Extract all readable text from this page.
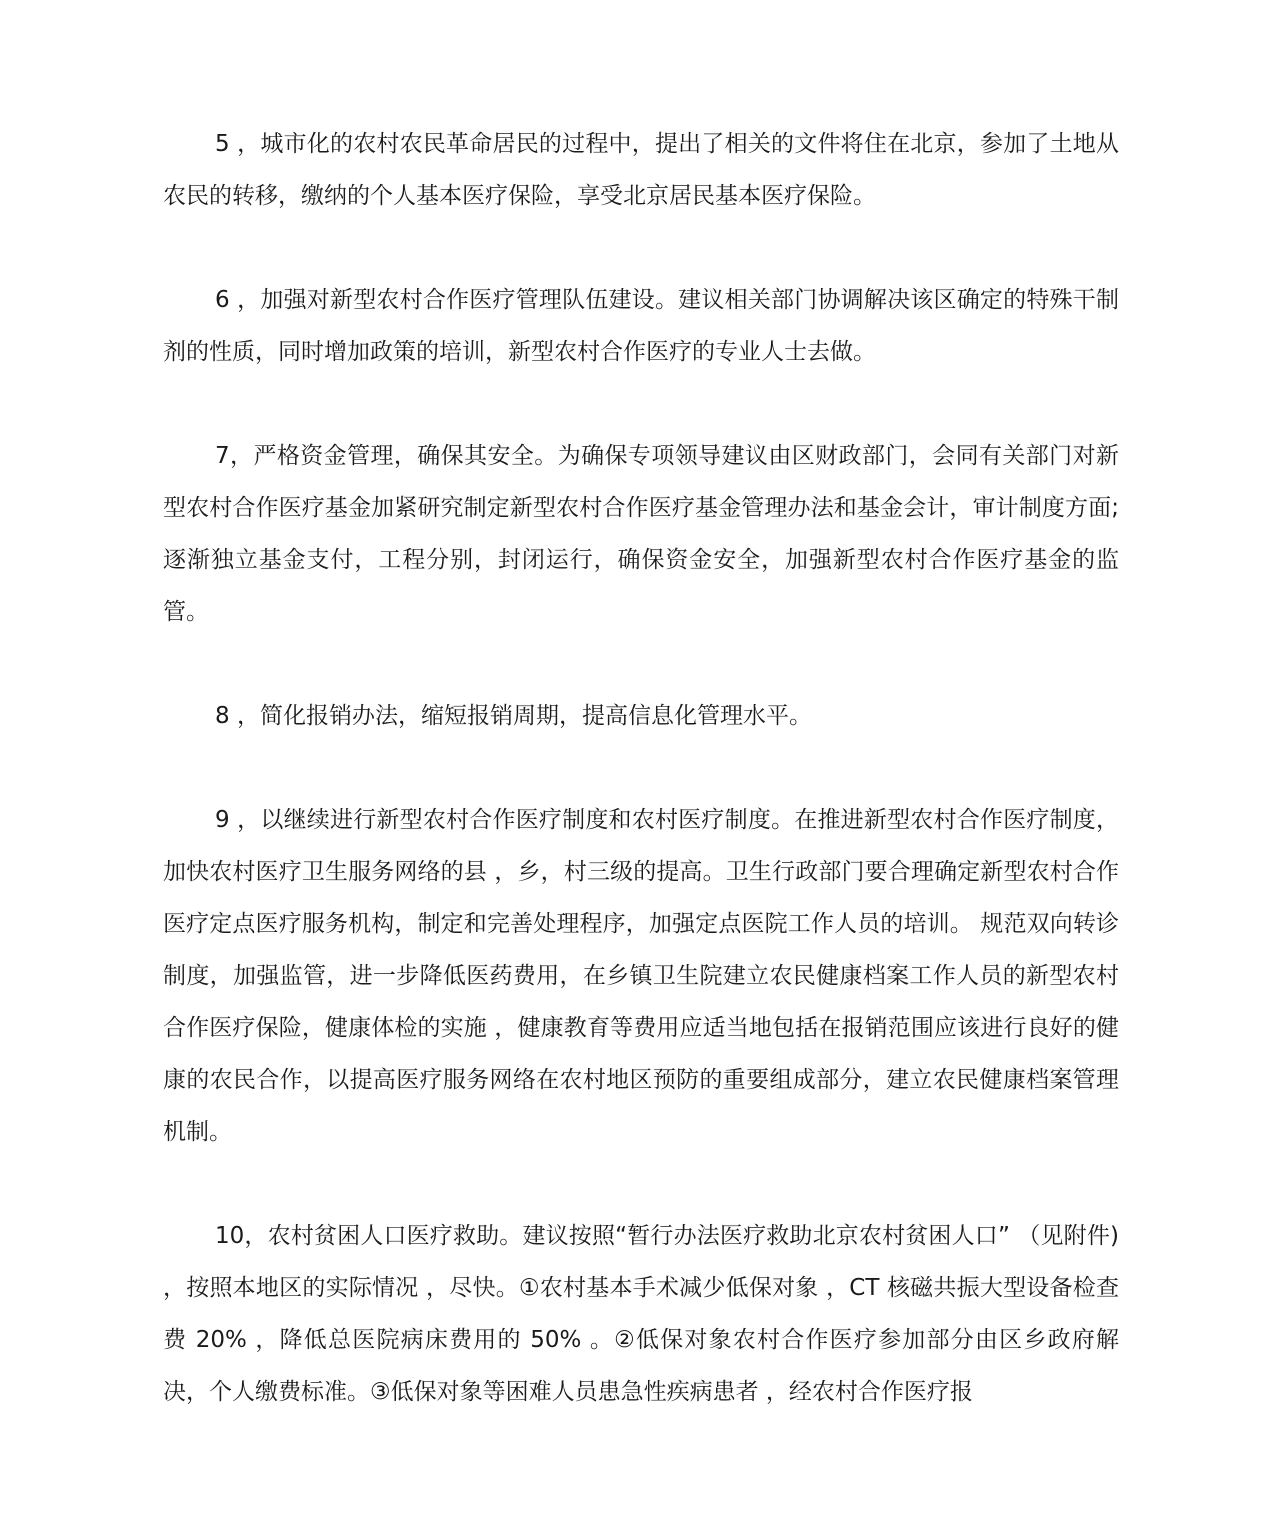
5 ，城市化的农村农民革命居民的过程中，提出了相关的文件将住在北京，参加了土地从农民的转移，缴纳的个人基本医疗保险，享受北京居民基本医疗保险。

6 ，加强对新型农村合作医疗管理队伍建设。建议相关部门协调解决该区确定的特殊干制剂的性质，同时增加政策的培训，新型农村合作医疗的专业人士去做。

7，严格资金管理，确保其安全。为确保专项领导建议由区财政部门，会同有关部门对新型农村合作医疗基金加紧研究制定新型农村合作医疗基金管理办法和基金会计，审计制度方面;逐渐独立基金支付，工程分别，封闭运行，确保资金安全，加强新型农村合作医疗基金的监管。

8 ，简化报销办法，缩短报销周期，提高信息化管理水平。

9 ，以继续进行新型农村合作医疗制度和农村医疗制度。在推进新型农村合作医疗制度，加快农村医疗卫生服务网络的县 ，乡，村三级的提高。卫生行政部门要合理确定新型农村合作医疗定点医疗服务机构，制定和完善处理程序，加强定点医院工作人员的培训。 规范双向转诊制度，加强监管，进一步降低医药费用，在乡镇卫生院建立农民健康档案工作人员的新型农村合作医疗保险，健康体检的实施 ，健康教育等费用应适当地包括在报销范围应该进行良好的健康的农民合作，以提高医疗服务网络在农村地区预防的重要组成部分，建立农民健康档案管理机制。

10，农村贫困人口医疗救助。建议按照“暂行办法医疗救助北京农村贫困人口” （见附件) ，按照本地区的实际情况 ，尽快。①农村基本手术减少低保对象 ，CT 核磁共振大型设备检查费 20% ，降低总医院病床费用的 50% 。②低保对象农村合作医疗参加部分由区乡政府解决，个人缴费标准。③低保对象等困难人员患急性疾病患者 ，经农村合作医疗报
